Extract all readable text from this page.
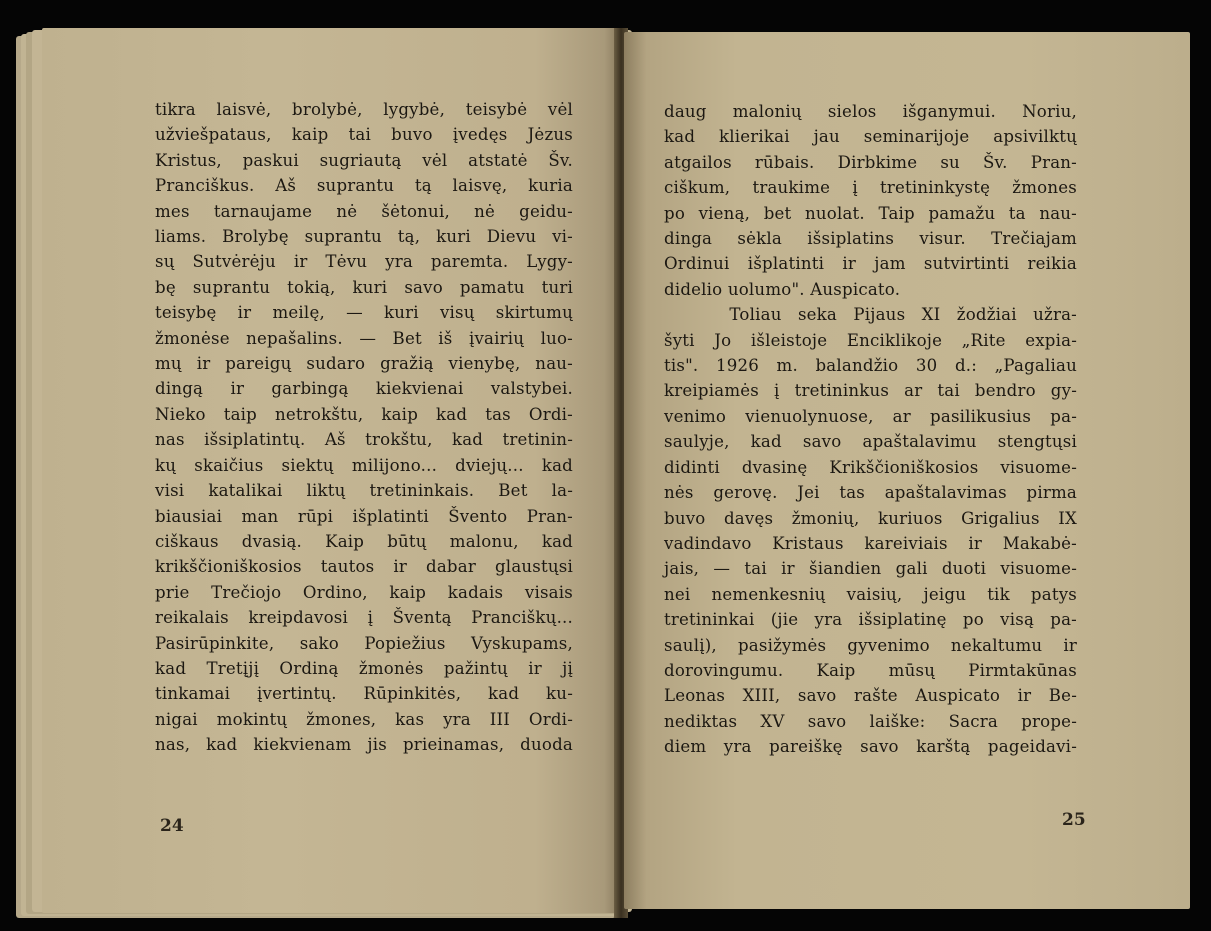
tikra laisvė, brolybė, lygybė, teisybė vėl

užviešpataus, kaip tai buvo įvedęs Jėzus

Kristus, paskui sugriautą vėl atstatė Šv.

Pranciškus. Aš suprantu tą laisvę, kuria

mes tarnaujame nė šėtonui, nė geidu-

liams. Brolybę suprantu tą, kuri Dievu vi-

sų Sutvėrėju ir Tėvu yra paremta. Lygy-

bę suprantu tokią, kuri savo pamatu turi

teisybę ir meilę, — kuri visų skirtumų

žmonėse nepašalins. — Bet iš įvairių luo-

mų ir pareigų sudaro gražią vienybę, nau-

dingą ir garbingą kiekvienai valstybei.

Nieko taip netrokštu, kaip kad tas Ordi-

nas išsiplatintų. Aš trokštu, kad tretinin-

kų skaičius siektų milijono... dviejų... kad

visi katalikai liktų tretininkais. Bet la-

biausiai man rūpi išplatinti Švento Pran-

ciškaus dvasią. Kaip būtų malonu, kad

krikščioniškosios tautos ir dabar glaustųsi

prie Trečiojo Ordino, kaip kadais visais

reikalais kreipdavosi į Šventą Pranciškų...

Pasirūpinkite, sako Popiežius Vyskupams,

kad Tretįjį Ordiną žmonės pažintų ir jį

tinkamai įvertintų. Rūpinkitės, kad ku-

nigai mokintų žmones, kas yra III Ordi-

nas, kad kiekvienam jis prieinamas, duoda

24

daug malonių sielos išganymui. Noriu,

kad klierikai jau seminarijoje apsivilktų

atgailos rūbais. Dirbkime su Šv. Pran-

ciškum, traukime į tretininkystę žmones

po vieną, bet nuolat. Taip pamažu ta nau-

dinga sėkla išsiplatins visur. Trečiajam

Ordinui išplatinti ir jam sutvirtinti reikia

didelio uolumo". Auspicato.

Toliau seka Pijaus XI žodžiai užra-

šyti Jo išleistoje Enciklikoje „Rite expia-

tis". 1926 m. balandžio 30 d.: „Pagaliau

kreipiamės į tretininkus ar tai bendro gy-

venimo vienuolynuose, ar pasilikusius pa-

saulyje, kad savo apaštalavimu stengtųsi

didinti dvasinę Krikščioniškosios visuome-

nės gerovę. Jei tas apaštalavimas pirma

buvo davęs žmonių, kuriuos Grigalius IX

vadindavo Kristaus kareiviais ir Makabė-

jais, — tai ir šiandien gali duoti visuome-

nei nemenkesnių vaisių, jeigu tik patys

tretininkai (jie yra išsiplatinę po visą pa-

saulį), pasižymės gyvenimo nekaltumu ir

dorovingumu. Kaip mūsų Pirmtakūnas

Leonas XIII, savo rašte Auspicato ir Be-

nediktas XV savo laiške: Sacra prope-

diem yra pareiškę savo karštą pageidavi-

25
